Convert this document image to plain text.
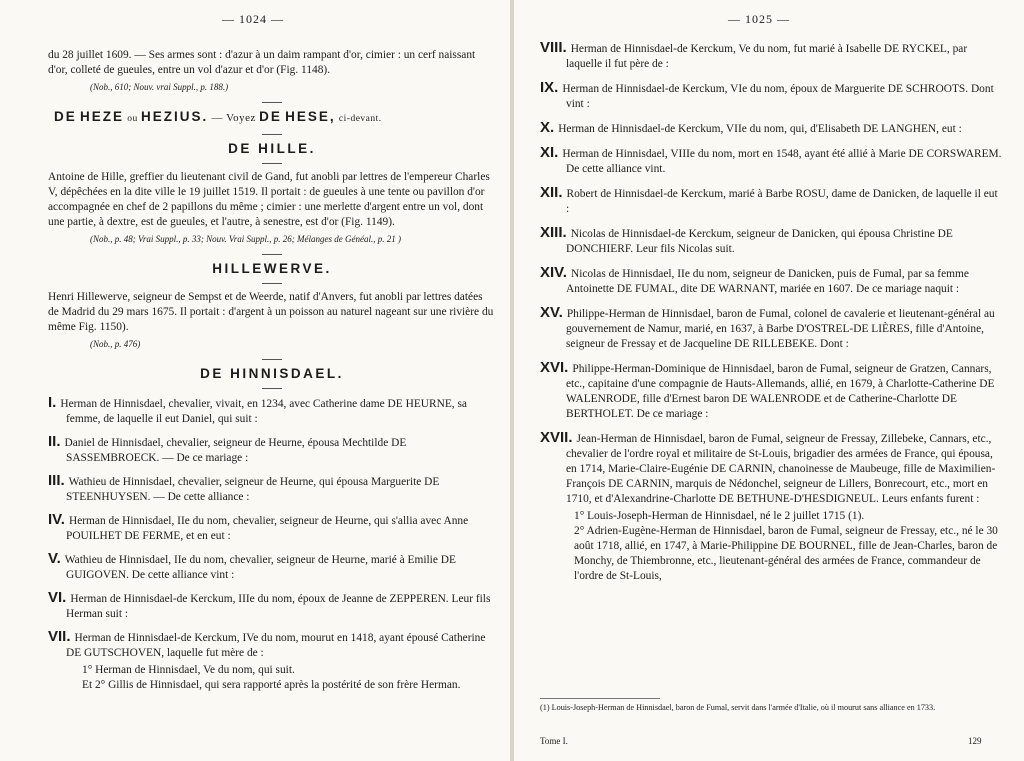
— 1024 —

du 28 juillet 1609. — Ses armes sont : d'azur à un daim rampant d'or, cimier : un cerf naissant d'or, colleté de gueules, entre un vol d'azur et d'or (Fig. 1148).

(Nob., 610; Nouv. vrai Suppl., p. 188.)
DE HEZE ou HEZIUS. — Voyez DE HESE, ci-devant.
DE HILLE.

Antoine de Hille, greffier du lieutenant civil de Gand, fut anobli par lettres de l'empereur Charles V, dépêchées en la dite ville le 19 juillet 1519. Il portait : de gueules à une tente ou pavillon d'or accompagnée en chef de 2 papillons du même ; cimier : une merlette d'argent entre un vol, dont une partie, à dextre, est de gueules, et l'autre, à senestre, est d'or (Fig. 1149).

(Nob., p. 48; Vrai Suppl., p. 33; Nouv. Vrai Suppl., p. 26; Mélanges de Généal., p. 21 )
HILLEWERVE.

Henri Hillewerve, seigneur de Sempst et de Weerde, natif d'Anvers, fut anobli par lettres datées de Madrid du 29 mars 1675. Il portait : d'argent à un poisson au naturel nageant sur une rivière du même Fig. 1150).

(Nob., p. 476)
DE HINNISDAEL.

I. Herman de Hinnisdael, chevalier, vivait, en 1234, avec Catherine dame DE HEURNE, sa femme, de laquelle il eut Daniel, qui suit :

II. Daniel de Hinnisdael, chevalier, seigneur de Heurne, épousa Mechtilde DE SASSEMBROECK. — De ce mariage :

III. Wathieu de Hinnisdael, chevalier, seigneur de Heurne, qui épousa Marguerite DE STEENHUYSEN. — De cette alliance :

IV. Herman de Hinnisdael, IIe du nom, chevalier, seigneur de Heurne, qui s'allia avec Anne POUILHET DE FERME, et en eut :

V. Wathieu de Hinnisdael, IIe du nom, chevalier, seigneur de Heurne, marié à Emilie DE GUIGOVEN. De cette alliance vint :

VI. Herman de Hinnisdael-de Kerckum, IIIe du nom, époux de Jeanne de ZEPPEREN. Leur fils Herman suit :

VII. Herman de Hinnisdael-de Kerckum, IVe du nom, mourut en 1418, ayant épousé Catherine DE GUTSCHOVEN, laquelle fut mère de :

1° Herman de Hinnisdael, Ve du nom, qui suit.

Et 2° Gillis de Hinnisdael, qui sera rapporté après la postérité de son frère Herman.

— 1025 —

VIII. Herman de Hinnisdael-de Kerckum, Ve du nom, fut marié à Isabelle DE RYCKEL, par laquelle il fut père de :

IX. Herman de Hinnisdael-de Kerckum, VIe du nom, époux de Marguerite DE SCHROOTS. Dont vint :

X. Herman de Hinnisdael-de Kerckum, VIIe du nom, qui, d'Elisabeth DE LANGHEN, eut :

XI. Herman de Hinnisdael, VIIIe du nom, mort en 1548, ayant été allié à Marie DE CORSWAREM. De cette alliance vint.

XII. Robert de Hinnisdael-de Kerckum, marié à Barbe ROSU, dame de Danicken, de laquelle il eut :

XIII. Nicolas de Hinnisdael-de Kerckum, seigneur de Danicken, qui épousa Christine DE DONCHIERF. Leur fils Nicolas suit.

XIV. Nicolas de Hinnisdael, IIe du nom, seigneur de Danicken, puis de Fumal, par sa femme Antoinette DE FUMAL, dite DE WARNANT, mariée en 1607. De ce mariage naquit :

XV. Philippe-Herman de Hinnisdael, baron de Fumal, colonel de cavalerie et lieutenant-général au gouvernement de Namur, marié, en 1637, à Barbe D'OSTREL-DE LIÈRES, fille d'Antoine, seigneur de Fressay et de Jacqueline DE RILLEBEKE. Dont :

XVI. Philippe-Herman-Dominique de Hinnisdael, baron de Fumal, seigneur de Gratzen, Cannars, etc., capitaine d'une compagnie de Hauts-Allemands, allié, en 1679, à Charlotte-Catherine DE WALENRODE, fille d'Ernest baron DE WALENRODE et de Catherine-Charlotte DE BERTHOLET. De ce mariage :

XVII. Jean-Herman de Hinnisdael, baron de Fumal, seigneur de Fressay, Zillebeke, Cannars, etc., chevalier de l'ordre royal et militaire de St-Louis, brigadier des armées de France, qui épousa, en 1714, Marie-Claire-Eugénie DE CARNIN, chanoinesse de Maubeuge, fille de Maximilien-François DE CARNIN, marquis de Nédonchel, seigneur de Lillers, Bonrecourt, etc., mort en 1710, et d'Alexandrine-Charlotte DE BETHUNE-D'HESDIGNEUL. Leurs enfants furent :

1° Louis-Joseph-Herman de Hinnisdael, né le 2 juillet 1715 (1).

2° Adrien-Eugène-Herman de Hinnisdael, baron de Fumal, seigneur de Fressay, etc., né le 30 août 1718, allié, en 1747, à Marie-Philippine DE BOURNEL, fille de Jean-Charles, baron de Monchy, de Thiembronne, etc., lieutenant-général des armées de France, commandeur de l'ordre de St-Louis,

(1) Louis-Joseph-Herman de Hinnisdael, baron de Fumal, servit dans l'armée d'Italie, où il mourut sans alliance en 1733.
Tome I.	129
